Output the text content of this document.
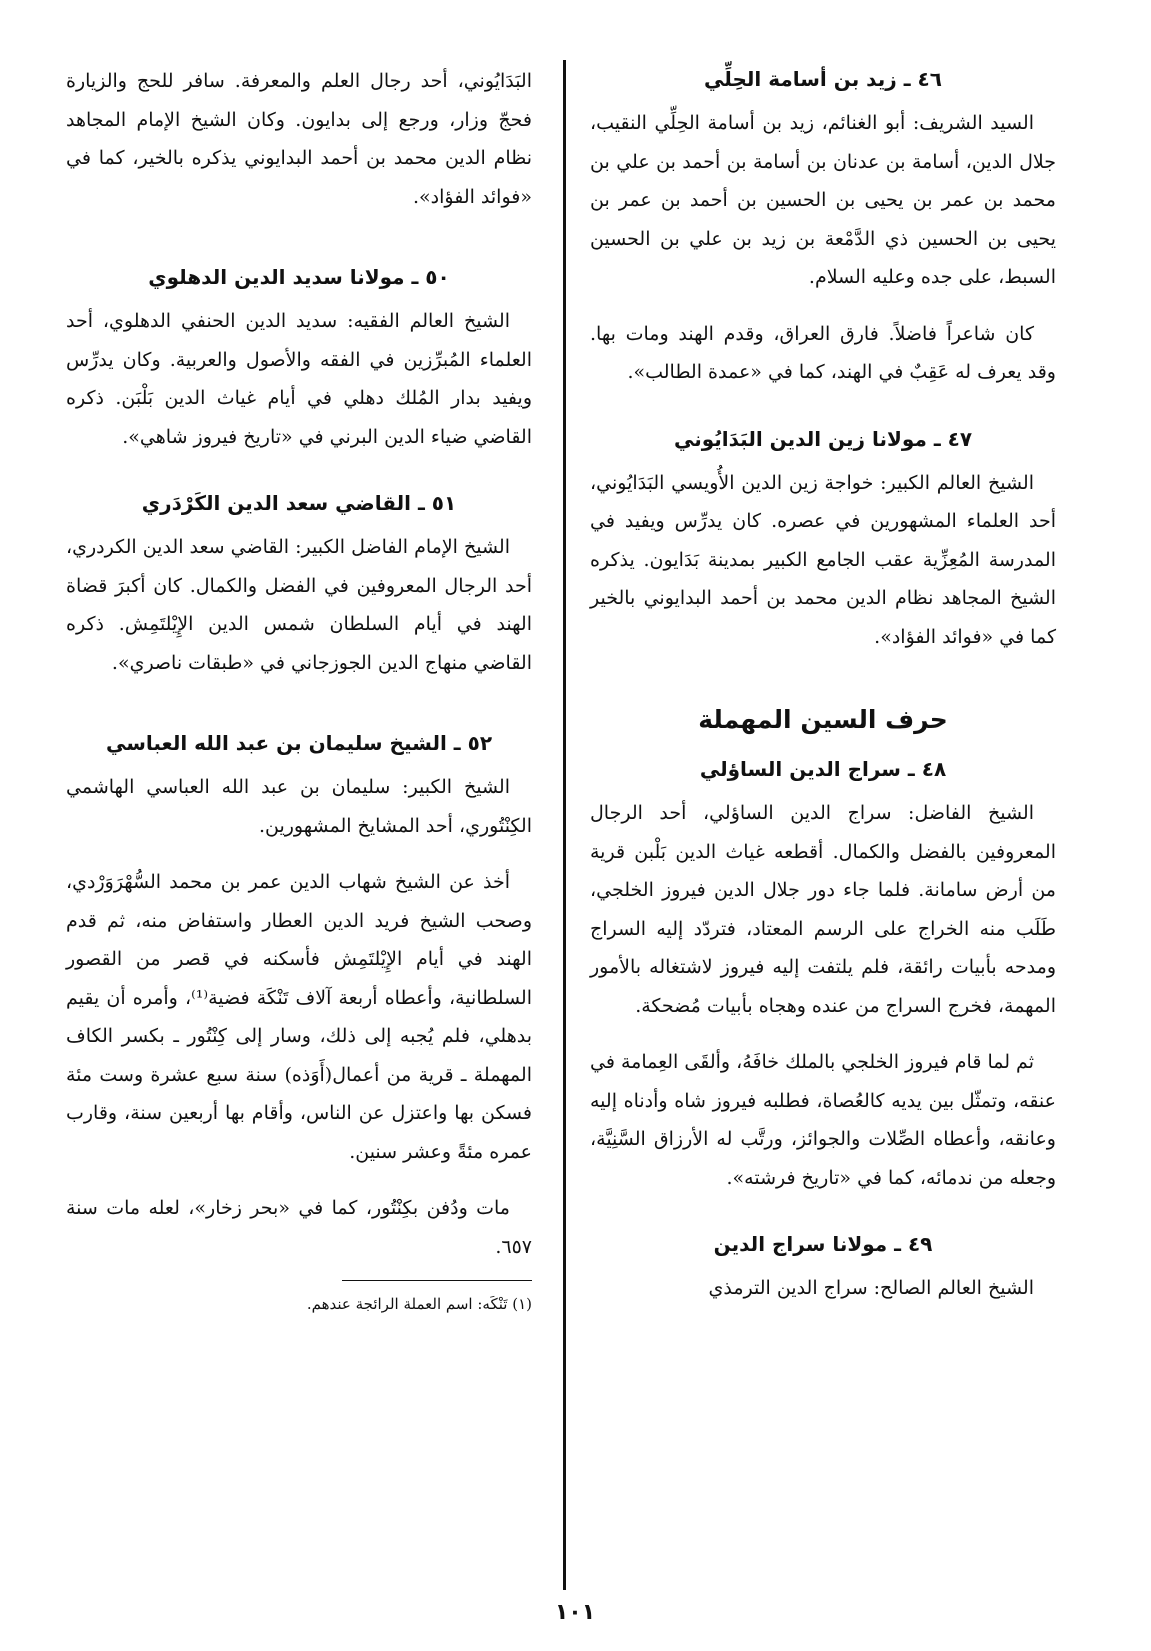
٤٦ ـ زيد بن أسامة الحِلِّي

السيد الشريف: أبو الغنائم، زيد بن أسامة الحِلِّي النقيب، جلال الدين، أسامة بن عدنان بن أسامة بن أحمد بن علي بن محمد بن عمر بن يحيى بن الحسين بن أحمد بن عمر بن يحيى بن الحسين ذي الدَّمْعة بن زيد بن علي بن الحسين السبط، على جده وعليه السلام.

كان شاعراً فاضلاً. فارق العراق، وقدم الهند ومات بها. وقد يعرف له عَقِبٌ في الهند، كما في «عمدة الطالب».

٤٧ ـ مولانا زين الدين البَدَايُوني

الشيخ العالم الكبير: خواجة زين الدين الأُويسي البَدَايُوني، أحد العلماء المشهورين في عصره. كان يدرِّس ويفيد في المدرسة المُعِزِّية عقب الجامع الكبير بمدينة بَدَايون. يذكره الشيخ المجاهد نظام الدين محمد بن أحمد البدايوني بالخير كما في «فوائد الفؤاد».

حرف السين المهملة
٤٨ ـ سراج الدين الساؤلي

الشيخ الفاضل: سراج الدين الساؤلي، أحد الرجال المعروفين بالفضل والكمال. أقطعه غياث الدين بَلْبن قرية من أرض سامانة. فلما جاء دور جلال الدين فيروز الخلجي، طَلَب منه الخراج على الرسم المعتاد، فتردّد إليه السراج ومدحه بأبيات رائقة، فلم يلتفت إليه فيروز لاشتغاله بالأمور المهمة، فخرج السراج من عنده وهجاه بأبيات مُضحكة.

ثم لما قام فيروز الخلجي بالملك خافَهُ، وألقَى العِمامة في عنقه، وتمثّل بين يديه كالعُصاة، فطلبه فيروز شاه وأدناه إليه وعانقه، وأعطاه الصِّلات والجوائز، ورتَّب له الأرزاق السَّنِيَّة، وجعله من ندمائه، كما في «تاريخ فرشته».

٤٩ ـ مولانا سراج الدين

الشيخ العالم الصالح: سراج الدين الترمذي

البَدَايُوني، أحد رجال العلم والمعرفة. سافر للحج والزيارة فحجّ وزار، ورجع إلى بدايون. وكان الشيخ الإمام المجاهد نظام الدين محمد بن أحمد البدايوني يذكره بالخير، كما في «فوائد الفؤاد».

٥٠ ـ مولانا سديد الدين الدهلوي

الشيخ العالم الفقيه: سديد الدين الحنفي الدهلوي، أحد العلماء المُبرِّزين في الفقه والأصول والعربية. وكان يدرِّس ويفيد بدار المُلك دهلي في أيام غياث الدين بَلْبَن. ذكره القاضي ضياء الدين البرني في «تاريخ فيروز شاهي».

٥١ ـ القاضي سعد الدين الكَرْدَري

الشيخ الإمام الفاضل الكبير: القاضي سعد الدين الكردري، أحد الرجال المعروفين في الفضل والكمال. كان أكبرَ قضاة الهند في أيام السلطان شمس الدين الإِيْلتَمِش. ذكره القاضي منهاج الدين الجوزجاني في «طبقات ناصري».

٥٢ ـ الشيخ سليمان بن عبد الله العباسي

الشيخ الكبير: سليمان بن عبد الله العباسي الهاشمي الكِنْتُوري، أحد المشايخ المشهورين.

أخذ عن الشيخ شهاب الدين عمر بن محمد السُّهْرَوَرْدي، وصحب الشيخ فريد الدين العطار واستفاض منه، ثم قدم الهند في أيام الإِيْلتَمِش فأسكنه في قصر من القصور السلطانية، وأعطاه أربعة آلاف تَنْكَة فضية⁽¹⁾، وأمره أن يقيم بدهلي، فلم يُجبه إلى ذلك، وسار إلى كِنْتُور ـ بكسر الكاف المهملة ـ قرية من أعمال(أَوَذه) سنة سبع عشرة وست مئة فسكن بها واعتزل عن الناس، وأقام بها أربعين سنة، وقارب عمره مئةً وعشر سنين.

مات ودُفن بكِنْتُور، كما في «بحر زخار»، لعله مات سنة ٦٥٧.

(١) تَنْكَه: اسم العملة الرائجة عندهم.

١٠١
